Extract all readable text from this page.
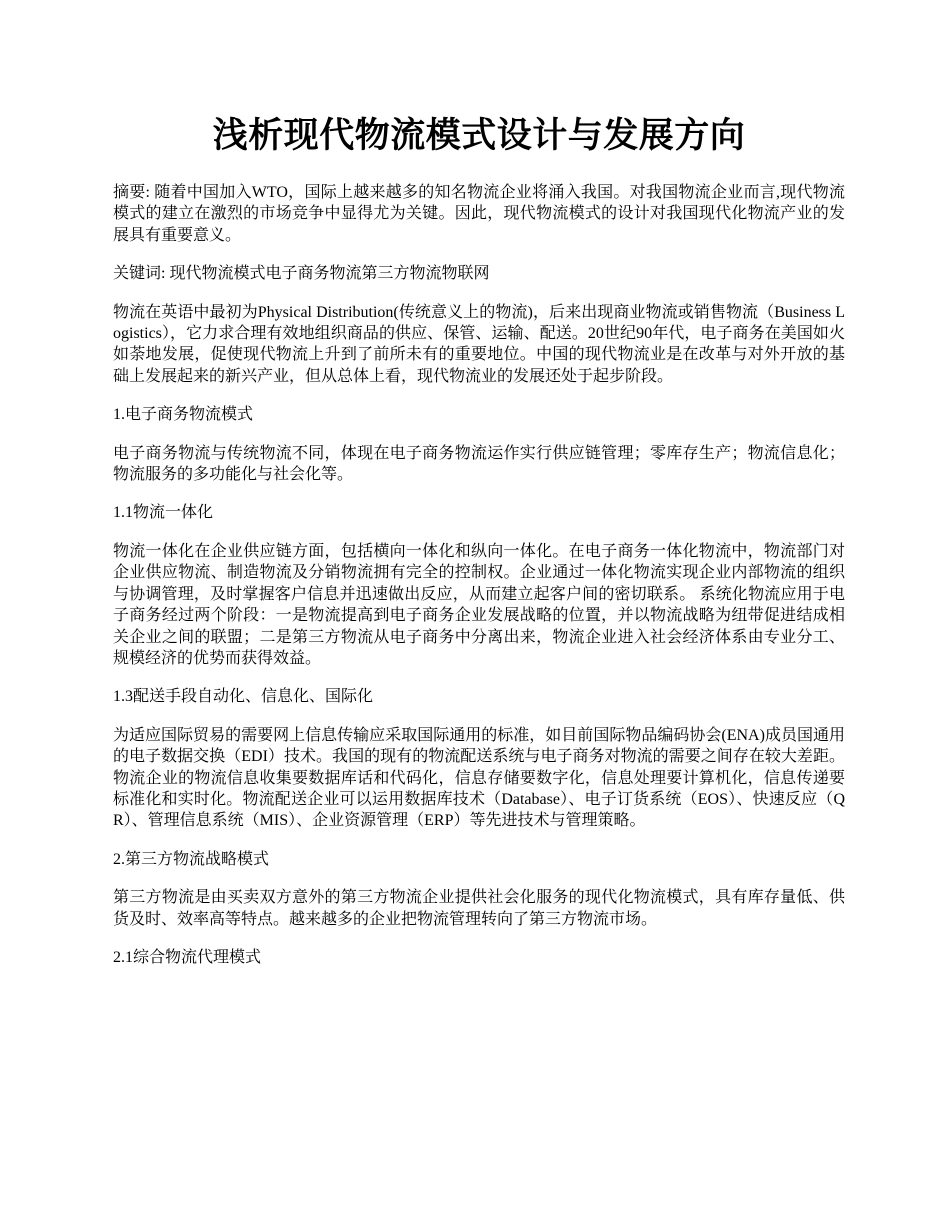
浅析现代物流模式设计与发展方向

摘要: 随着中国加入WTO，国际上越来越多的知名物流企业将涌入我国。对我国物流企业而言,现代物流模式的建立在激烈的市场竞争中显得尤为关键。因此，现代物流模式的设计对我国现代化物流产业的发展具有重要意义。

关键词: 现代物流模式电子商务物流第三方物流物联网

物流在英语中最初为Physical Distribution(传统意义上的物流)，后来出现商业物流或销售物流（Business Logistics），它力求合理有效地组织商品的供应、保管、运输、配送。20世纪90年代，电子商务在美国如火如荼地发展，促使现代物流上升到了前所未有的重要地位。中国的现代物流业是在改革与对外开放的基础上发展起来的新兴产业，但从总体上看，现代物流业的发展还处于起步阶段。

1.电子商务物流模式

电子商务物流与传统物流不同，体现在电子商务物流运作实行供应链管理；零库存生产；物流信息化；物流服务的多功能化与社会化等。

1.1物流一体化

物流一体化在企业供应链方面，包括横向一体化和纵向一体化。在电子商务一体化物流中，物流部门对企业供应物流、制造物流及分销物流拥有完全的控制权。企业通过一体化物流实现企业内部物流的组织与协调管理，及时掌握客户信息并迅速做出反应，从而建立起客户间的密切联系。 系统化物流应用于电子商务经过两个阶段：一是物流提高到电子商务企业发展战略的位置，并以物流战略为纽带促进结成相关企业之间的联盟；二是第三方物流从电子商务中分离出来，物流企业进入社会经济体系由专业分工、规模经济的优势而获得效益。

1.3配送手段自动化、信息化、国际化

为适应国际贸易的需要网上信息传输应采取国际通用的标准，如目前国际物品编码协会(ENA)成员国通用的电子数据交换（EDI）技术。我国的现有的物流配送系统与电子商务对物流的需要之间存在较大差距。物流企业的物流信息收集要数据库话和代码化，信息存储要数字化，信息处理要计算机化，信息传递要标准化和实时化。物流配送企业可以运用数据库技术（Database）、电子订货系统（EOS）、快速反应（QR）、管理信息系统（MIS）、企业资源管理（ERP）等先进技术与管理策略。

2.第三方物流战略模式

第三方物流是由买卖双方意外的第三方物流企业提供社会化服务的现代化物流模式，具有库存量低、供货及时、效率高等特点。越来越多的企业把物流管理转向了第三方物流市场。

2.1综合物流代理模式
